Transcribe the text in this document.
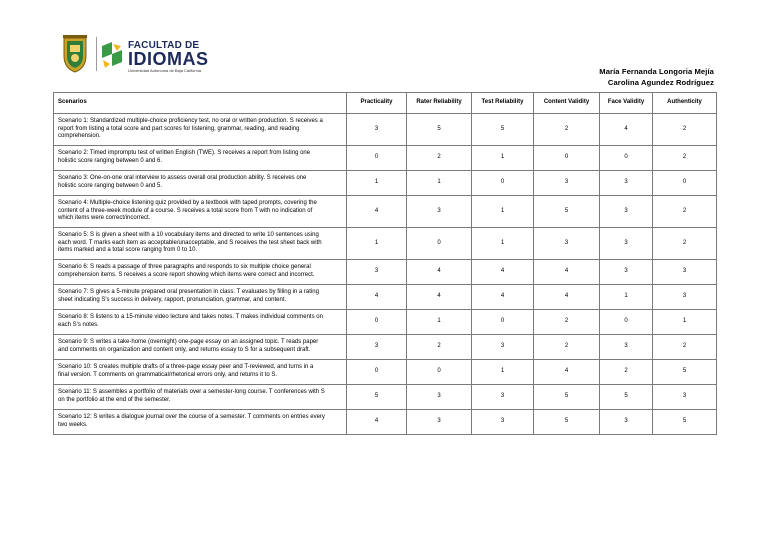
FACULTAD DE
IDIOMAS
Universidad Autónoma de Baja California	María Fernanda Longoria Mejía
Carolina Agundez Rodríguez
Scenarios	Practicality	Rater Reliability	Test Reliability	Content Validity	Face Validity	Authenticity
Scenario 1: Standardized multiple-choice proficiency test, no oral or written production. S receives a report from listing a total score and part scores for listening, grammar, reading, and reading comprehension.	3	5	5	2	4	2
Scenario 2: Timed impromptu test of written English (TWE). S receives a report from listing one holistic score ranging between 0 and 6.	0	2	1	0	0	2
Scenario 3: One-on-one oral interview to assess overall oral production ability. S receives one holistic score ranging between 0 and 5.	1	1	0	3	3	0
Scenario 4: Multiple-choice listening quiz provided by a textbook with taped prompts, covering the content of a three-week module of a course. S receives a total score from T with no indication of which items were correct/incorrect.	4	3	1	5	3	2
Scenario 5: S is given a sheet with a 10 vocabulary items and directed to write 10 sentences using each word. T marks each item as acceptable/unacceptable, and S receives the test sheet back with items marked and a total score ranging from 0 to 10.	1	0	1	3	3	2
Scenario 6: S reads a passage of three paragraphs and responds to six multiple choice general comprehension items. S receives a score report showing which items were correct and incorrect.	3	4	4	4	3	3
Scenario 7: S gives a 5-minute prepared oral presentation in class. T evaluates by filling in a rating sheet indicating S's success in delivery, rapport, pronunciation, grammar, and content.	4	4	4	4	1	3
Scenario 8: S listens to a 15-minute video lecture and takes notes. T makes individual comments on each S's notes.	0	1	0	2	0	1
Scenario 9: S writes a take-home (overnight) one-page essay on an assigned topic. T reads paper and comments on organization and content only, and returns essay to S for a subsequent draft.	3	2	3	2	3	2
Scenario 10: S creates multiple drafts of a three-page essay peer and T-reviewed, and turns in a final version. T comments on grammatical/rhetorical errors only, and returns it to S.	0	0	1	4	2	5
Scenario 11: S assembles a portfolio of materials over a semester-long course. T conferences with S on the portfolio at the end of the semester.	5	3	3	5	5	3
Scenario 12: S writes a dialogue journal over the course of a semester. T comments on entries every two weeks.	4	3	3	5	3	5
